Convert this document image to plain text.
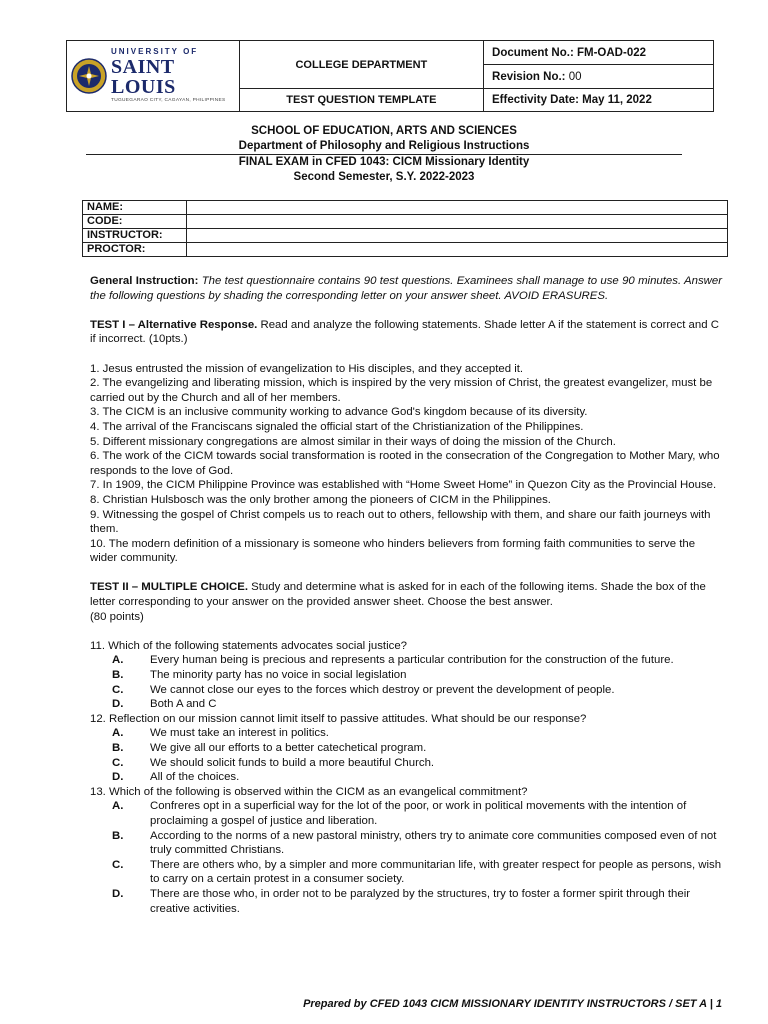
UNIVERSITY OF
SAINT LOUIS
TUGUEGARAO CITY, CAGAYAN, PHILIPPINES	COLLEGE DEPARTMENT	Document No.: FM-OAD-022
		Revision No.: 00
	TEST QUESTION TEMPLATE	Effectivity Date: May 11, 2022
SCHOOL OF EDUCATION, ARTS AND SCIENCES
Department of Philosophy and Religious Instructions
FINAL EXAM in CFED 1043: CICM Missionary Identity
Second Semester, S.Y. 2022-2023
NAME:	
CODE:	
INSTRUCTOR:	
PROCTOR:	

General Instruction: The test questionnaire contains 90 test questions. Examinees shall manage to use 90 minutes. Answer the following questions by shading the corresponding letter on your answer sheet. AVOID ERASURES.

TEST I – Alternative Response. Read and analyze the following statements. Shade letter A if the statement is correct and C if incorrect. (10pts.)

1. Jesus entrusted the mission of evangelization to His disciples, and they accepted it.

2. The evangelizing and liberating mission, which is inspired by the very mission of Christ, the greatest evangelizer, must be carried out by the Church and all of her members.

3. The CICM is an inclusive community working to advance God's kingdom because of its diversity.

4. The arrival of the Franciscans signaled the official start of the Christianization of the Philippines.

5. Different missionary congregations are almost similar in their ways of doing the mission of the Church.

6. The work of the CICM towards social transformation is rooted in the consecration of the Congregation to Mother Mary, who responds to the love of God.

7. In 1909, the CICM Philippine Province was established with “Home Sweet Home” in Quezon City as the Provincial House.

8. Christian Hulsbosch was the only brother among the pioneers of CICM in the Philippines.

9. Witnessing the gospel of Christ compels us to reach out to others, fellowship with them, and share our faith journeys with them.

10. The modern definition of a missionary is someone who hinders believers from forming faith communities to serve the wider community.

TEST II – MULTIPLE CHOICE. Study and determine what is asked for in each of the following items. Shade the box of the letter corresponding to your answer on the provided answer sheet. Choose the best answer.

(80 points)

11. Which of the following statements advocates social justice?

A. Every human being is precious and represents a particular contribution for the construction of the future.
B. The minority party has no voice in social legislation
C. We cannot close our eyes to the forces which destroy or prevent the development of people.
D. Both A and C

12. Reflection on our mission cannot limit itself to passive attitudes. What should be our response?

A. We must take an interest in politics.
B. We give all our efforts to a better catechetical program.
C. We should solicit funds to build a more beautiful Church.
D. All of the choices.

13. Which of the following is observed within the CICM as an evangelical commitment?

A. Confreres opt in a superficial way for the lot of the poor, or work in political movements with the intention of proclaiming a gospel of justice and liberation.
B. According to the norms of a new pastoral ministry, others try to animate core communities composed even of not truly committed Christians.
C. There are others who, by a simpler and more communitarian life, with greater respect for people as persons, wish to carry on a certain protest in a consumer society.
D. There are those who, in order not to be paralyzed by the structures, try to foster a former spirit through their creative activities.
Prepared by CFED 1043 CICM MISSIONARY IDENTITY INSTRUCTORS / SET A | 1
